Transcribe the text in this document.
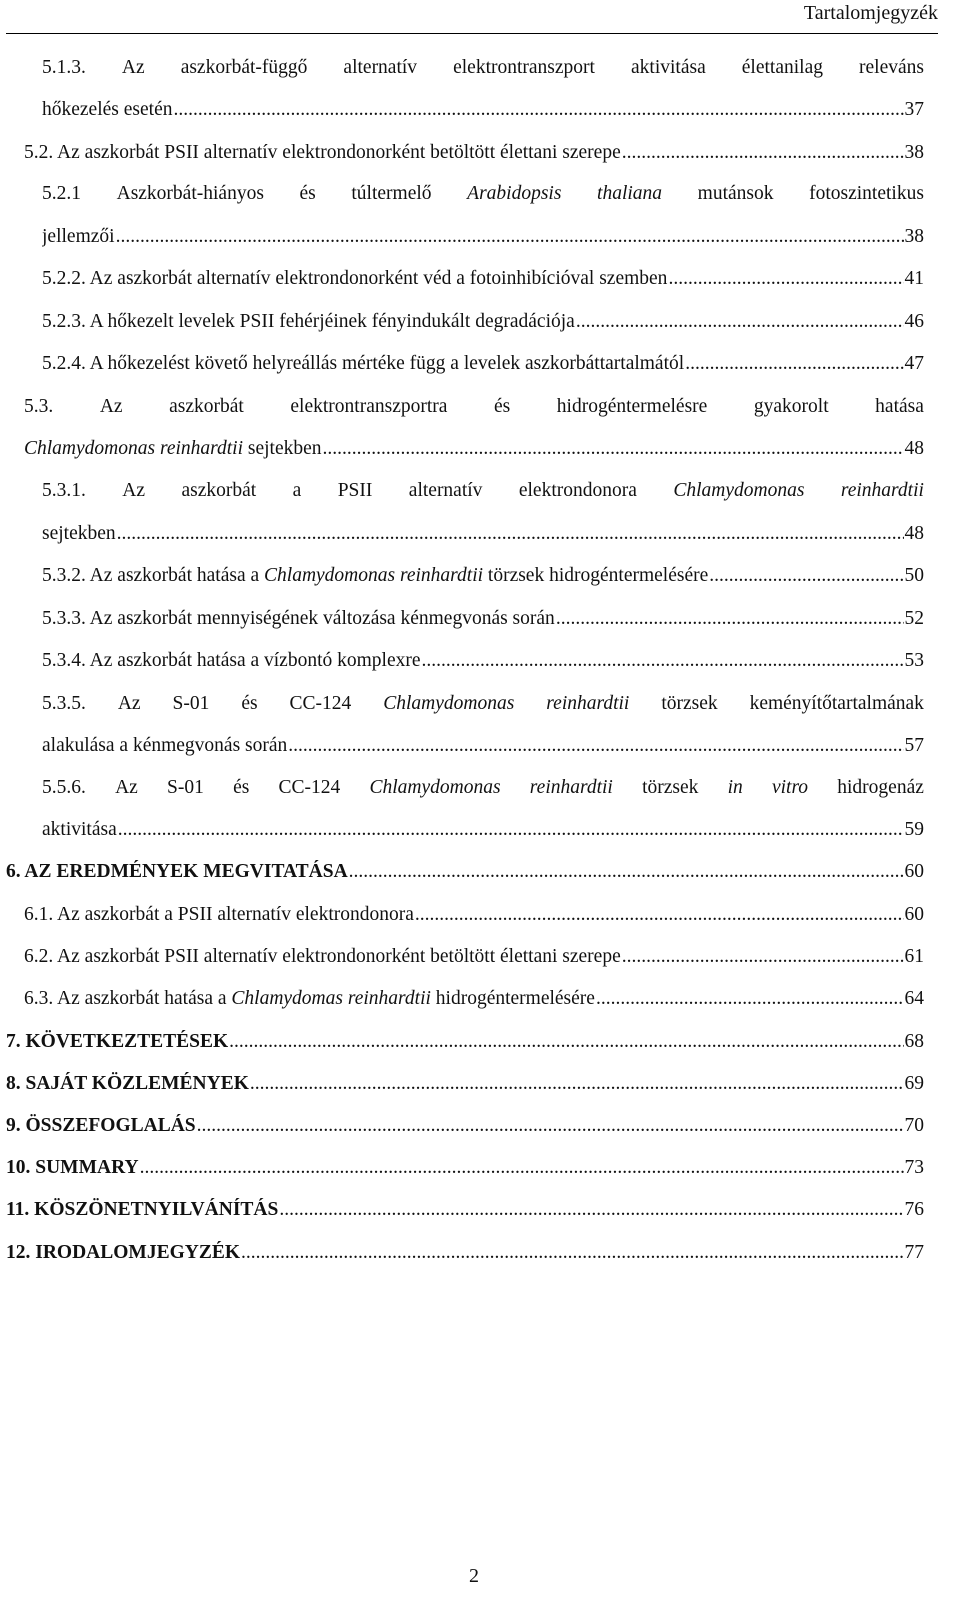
Tartalomjegyzék
5.1.3. Az aszkorbát-függő alternatív elektrontranszport aktivitása élettanilag releváns
hőkezelés esetén .....	37
5.2. Az aszkorbát PSII alternatív elektrondonorként betöltött élettani szerepe .....	38
5.2.1 Aszkorbát-hiányos és túltermelő Arabidopsis thaliana mutánsok fotoszintetikus
jellemzői .....	38
5.2.2. Az aszkorbát alternatív elektrondonorként véd a fotoinhibícióval szemben .....	41
5.2.3. A hőkezelt levelek PSII fehérjéinek fényindukált degradációja .....	46
5.2.4. A hőkezelést követő helyreállás mértéke függ a levelek aszkorbáttartalmától .....	47
5.3. Az aszkorbát elektrontranszportra és hidrogéntermelésre gyakorolt hatása
Chlamydomonas reinhardtii sejtekben .....	48
5.3.1. Az aszkorbát a PSII alternatív elektrondonora Chlamydomonas reinhardtii
sejtekben .....	48
5.3.2. Az aszkorbát hatása a Chlamydomonas reinhardtii törzsek hidrogéntermelésére .....	50
5.3.3. Az aszkorbát mennyiségének változása kénmegvonás során .....	52
5.3.4. Az aszkorbát hatása a vízbontó komplexre .....	53
5.3.5. Az S-01 és CC-124 Chlamydomonas reinhardtii törzsek keményítőtartalmának
alakulása a kénmegvonás során .....	57
5.5.6. Az S-01 és CC-124 Chlamydomonas reinhardtii törzsek in vitro hidrogenáz
aktivitása .....	59
6. AZ EREDMÉNYEK MEGVITATÁSA .....	60
6.1. Az aszkorbát a PSII alternatív elektrondonora .....	60
6.2. Az aszkorbát PSII alternatív elektrondonorként betöltött élettani szerepe .....	61
6.3. Az aszkorbát hatása a Chlamydomas reinhardtii hidrogéntermelésére .....	64
7. KÖVETKEZTETÉSEK .....	68
8. SAJÁT KÖZLEMÉNYEK .....	69
9. ÖSSZEFOGLALÁS .....	70
10. SUMMARY .....	73
11. KÖSZÖNETNYILVÁNÍTÁS .....	76
12. IRODALOMJEGYZÉK .....	77
2
